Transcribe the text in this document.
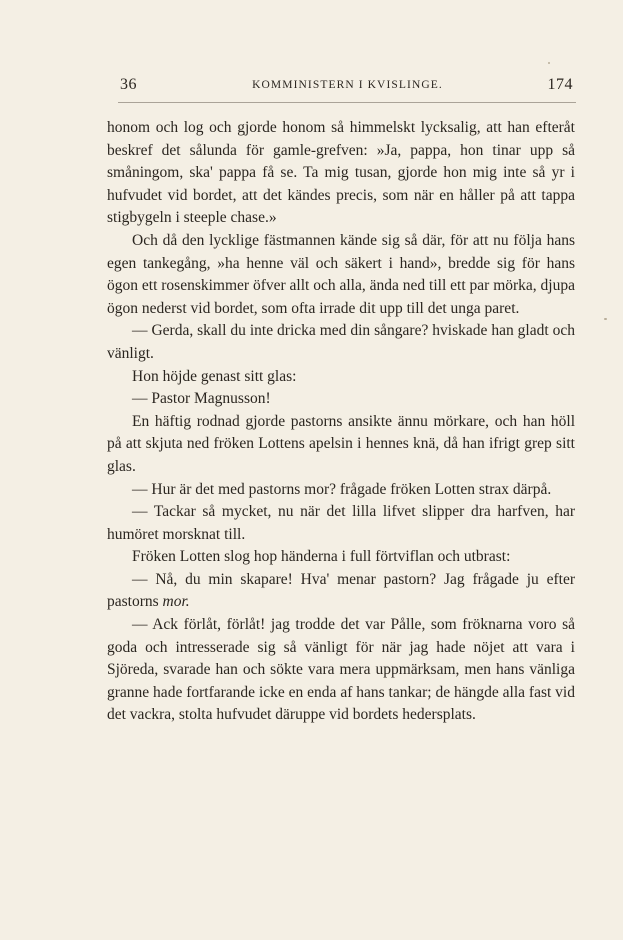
36	KOMMINISTERN I KVISLINGE.	174

honom och log och gjorde honom så himmelskt lycksalig, att han efteråt beskref det sålunda för gamle-grefven: »Ja, pappa, hon tinar upp så småningom, ska' pappa få se. Ta mig tusan, gjorde hon mig inte så yr i hufvudet vid bordet, att det kändes precis, som när en håller på att tappa stigbygeln i steeple chase.»

Och då den lycklige fästmannen kände sig så där, för att nu följa hans egen tankegång, »ha henne väl och säkert i hand», bredde sig för hans ögon ett rosenskimmer öfver allt och alla, ända ned till ett par mörka, djupa ögon nederst vid bordet, som ofta irrade dit upp till det unga paret.

— Gerda, skall du inte dricka med din sångare? hviskade han gladt och vänligt.

Hon höjde genast sitt glas:

— Pastor Magnusson!

En häftig rodnad gjorde pastorns ansikte ännu mörkare, och han höll på att skjuta ned fröken Lottens apelsin i hennes knä, då han ifrigt grep sitt glas.

— Hur är det med pastorns mor? frågade fröken Lotten strax därpå.

— Tackar så mycket, nu när det lilla lifvet slipper dra harfven, har humöret morsknat till.

Fröken Lotten slog hop händerna i full förtviflan och utbrast:

— Nå, du min skapare! Hva' menar pastorn? Jag frågade ju efter pastorns mor.

— Ack förlåt, förlåt! jag trodde det var Pålle, som fröknarna voro så goda och intresserade sig så vänligt för när jag hade nöjet att vara i Sjöreda, svarade han och sökte vara mera uppmärksam, men hans vänliga granne hade fortfarande icke en enda af hans tankar; de hängde alla fast vid det vackra, stolta hufvudet däruppe vid bordets hedersplats.
